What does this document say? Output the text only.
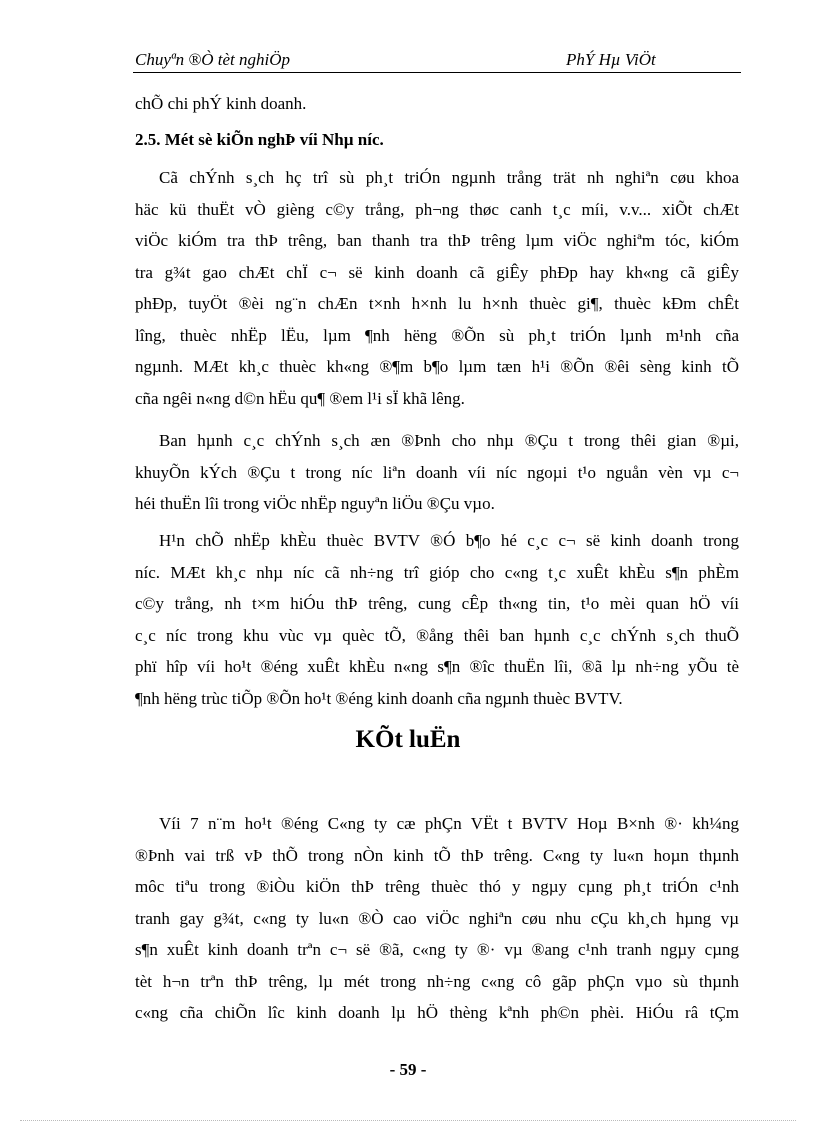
Chuyªn ®Ò tèt nghiÖp	PhÝ Hµ ViÖt
chÕ chi phÝ kinh doanh.
2.5. Mét sè kiÕn nghÞ víi Nhµ níc.
Cã chÝnh s¸ch hç trî sù ph¸t triÓn ngµnh trång trät nh nghiªn cøu khoa
häc kü thuËt vÒ gièng c©y trång, ph¬ng thøc canh t¸c míi, v.v... xiÕt chÆt
viÖc kiÓm tra thÞ trêng, ban thanh tra thÞ trêng lµm viÖc nghiªm tóc, kiÓm
tra g¾t gao chÆt chÏ c¬ së kinh doanh cã giÊy phÐp hay kh«ng cã giÊy
phÐp, tuyÖt ®èi ng¨n chÆn t×nh h×nh lu h×nh thuèc gi¶, thuèc kÐm chÊt
lîng, thuèc nhËp lËu, lµm ¶nh hëng ®Õn sù ph¸t triÓn lµnh m¹nh cña
ngµnh. MÆt kh¸c thuèc kh«ng ®¶m b¶o lµm tæn h¹i ®Õn ®êi sèng kinh tÕ
cña ngêi n«ng d©n hËu qu¶ ®em l¹i sÏ khã lêng.
Ban hµnh c¸c chÝnh s¸ch æn ®Þnh cho nhµ ®Çu t trong thêi gian ®µi,
khuyÕn kÝch ®Çu t trong níc liªn doanh víi níc ngoµi t¹o nguån vèn vµ c¬
héi thuËn lîi trong viÖc nhËp nguyªn liÖu ®Çu vµo.
H¹n chÕ nhËp khÈu thuèc BVTV ®Ó b¶o hé c¸c c¬ së kinh doanh trong
níc. MÆt kh¸c nhµ níc cã nh÷ng trî gióp cho c«ng t¸c xuÊt khÈu s¶n phÈm
c©y trång, nh t×m hiÓu thÞ trêng, cung cÊp th«ng tin, t¹o mèi quan hÖ víi
c¸c níc trong khu vùc vµ quèc tÕ, ®ång thêi ban hµnh c¸c chÝnh s¸ch thuÕ
phï hîp víi ho¹t ®éng xuÊt khÈu n«ng s¶n ®îc thuËn lîi, ®ã lµ nh÷ng yÕu tè
¶nh hëng trùc tiÕp ®Õn ho¹t ®éng kinh doanh cña ngµnh thuèc BVTV.
KÕt luËn
Víi 7 n¨m ho¹t ®éng C«ng ty cæ phÇn VËt t BVTV Hoµ B×nh ®· kh¼ng
®Þnh vai trß vÞ thÕ trong nÒn kinh tÕ thÞ trêng. C«ng ty lu«n hoµn thµnh
môc tiªu trong ®iÒu kiÖn thÞ trêng thuèc thó y ngµy cµng ph¸t triÓn c¹nh
tranh gay g¾t, c«ng ty lu«n ®Ò cao viÖc nghiªn cøu nhu cÇu kh¸ch hµng vµ
s¶n xuÊt kinh doanh trªn c¬ së ®ã, c«ng ty ®· vµ ®ang c¹nh tranh ngµy cµng
tèt h¬n trªn thÞ trêng, lµ mét trong nh÷ng c«ng cô gãp phÇn vµo sù thµnh
c«ng cña chiÕn lîc kinh doanh lµ hÖ thèng kªnh ph©n phèi. HiÓu râ tÇm
- 59 -
